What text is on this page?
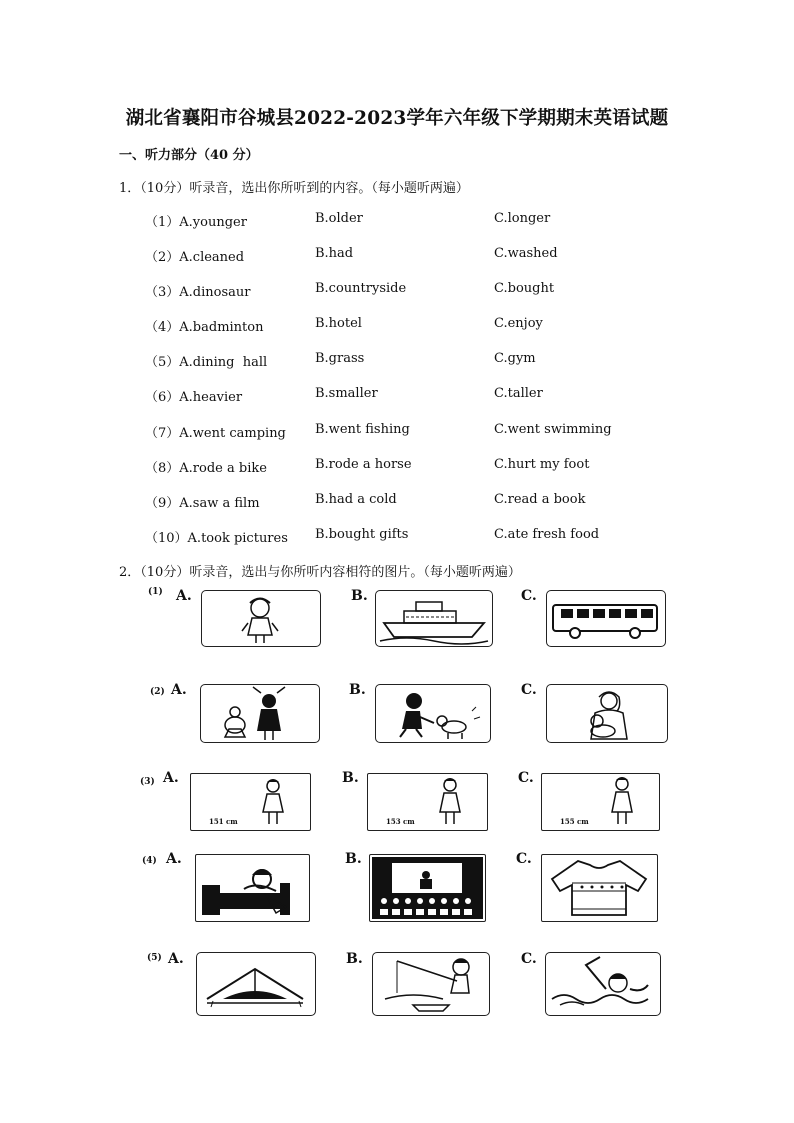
湖北省襄阳市谷城县2022-2023学年六年级下学期期末英语试题
一、听力部分（40 分）
1．（10分）听录音，选出你所听到的内容。（每小题听两遍）
（1）A.younger	B.older	C.longer
（2）A.cleaned	B.had	C.washed
（3）A.dinosaur	B.countryside	C.bought
（4）A.badminton	B.hotel	C.enjoy
（5）A.dining  hall	B.grass	C.gym
（6）A.heavier	B.smaller	C.taller
（7）A.went camping B.went fishing	C.went swimming
（8）A.rode a bike	B.rode a horse	C.hurt my foot
（9）A.saw a film	B.had a cold	C.read a book
（10）A.took pictures B.bought gifts	C.ate fresh food
2．（10分）听录音，选出与你所听内容相符的图片。（每小题听两遍）
(1) A.	B.	C.
(2) A.	B.	C.
(3) A.
151 cm
B.
153 cm
C.
155 cm
(4) A.	B.	C.
(5) A.	B.	C.
